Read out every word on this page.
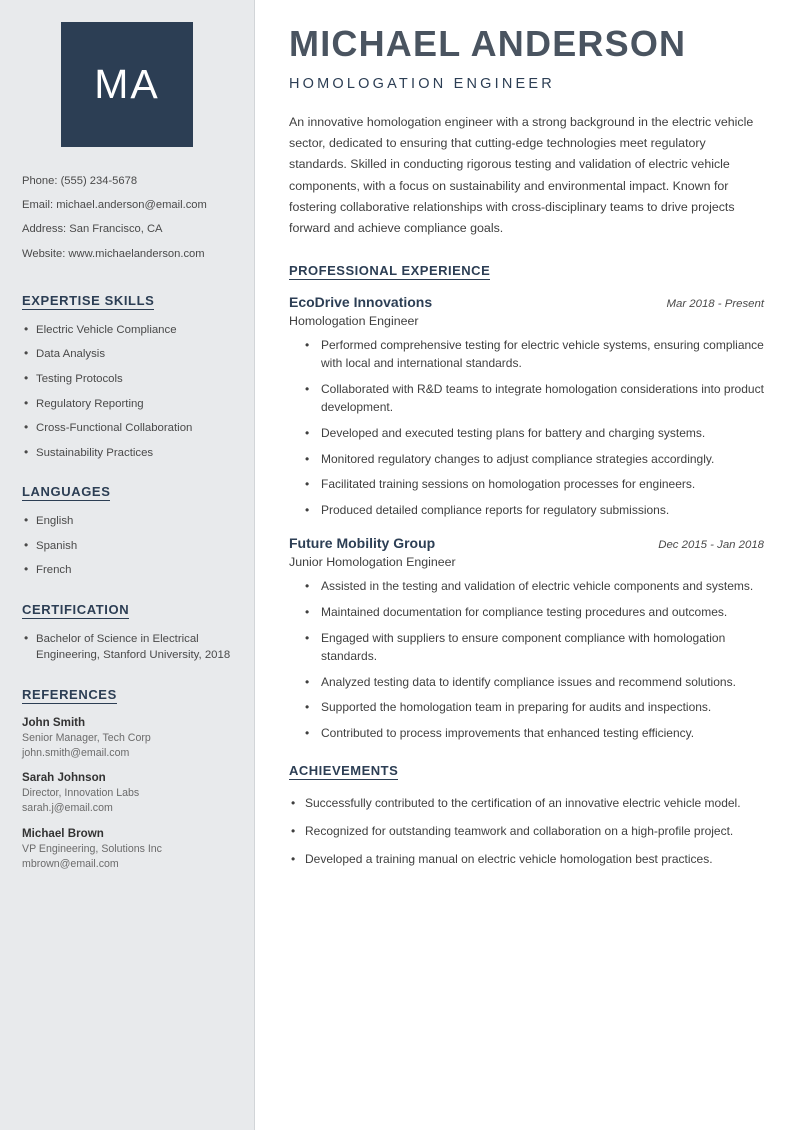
MA
Phone: (555) 234-5678
Email: michael.anderson@email.com
Address: San Francisco, CA
Website: www.michaelanderson.com
EXPERTISE SKILLS
• Electric Vehicle Compliance
• Data Analysis
• Testing Protocols
• Regulatory Reporting
• Cross-Functional Collaboration
• Sustainability Practices
LANGUAGES
• English
• Spanish
• French
CERTIFICATION
• Bachelor of Science in Electrical Engineering, Stanford University, 2018
REFERENCES
John Smith
Senior Manager, Tech Corp
john.smith@email.com
Sarah Johnson
Director, Innovation Labs
sarah.j@email.com
Michael Brown
VP Engineering, Solutions Inc
mbrown@email.com
MICHAEL ANDERSON
HOMOLOGATION ENGINEER

An innovative homologation engineer with a strong background in the electric vehicle sector, dedicated to ensuring that cutting-edge technologies meet regulatory standards. Skilled in conducting rigorous testing and validation of electric vehicle components, with a focus on sustainability and environmental impact. Known for fostering collaborative relationships with cross-disciplinary teams to drive projects forward and achieve compliance goals.

PROFESSIONAL EXPERIENCE
EcoDrive Innovations	Mar 2018 - Present
Homologation Engineer
• Performed comprehensive testing for electric vehicle systems, ensuring compliance with local and international standards.
• Collaborated with R&D teams to integrate homologation considerations into product development.
• Developed and executed testing plans for battery and charging systems.
• Monitored regulatory changes to adjust compliance strategies accordingly.
• Facilitated training sessions on homologation processes for engineers.
• Produced detailed compliance reports for regulatory submissions.
Future Mobility Group	Dec 2015 - Jan 2018
Junior Homologation Engineer
• Assisted in the testing and validation of electric vehicle components and systems.
• Maintained documentation for compliance testing procedures and outcomes.
• Engaged with suppliers to ensure component compliance with homologation standards.
• Analyzed testing data to identify compliance issues and recommend solutions.
• Supported the homologation team in preparing for audits and inspections.
• Contributed to process improvements that enhanced testing efficiency.
ACHIEVEMENTS
• Successfully contributed to the certification of an innovative electric vehicle model.
• Recognized for outstanding teamwork and collaboration on a high-profile project.
• Developed a training manual on electric vehicle homologation best practices.
